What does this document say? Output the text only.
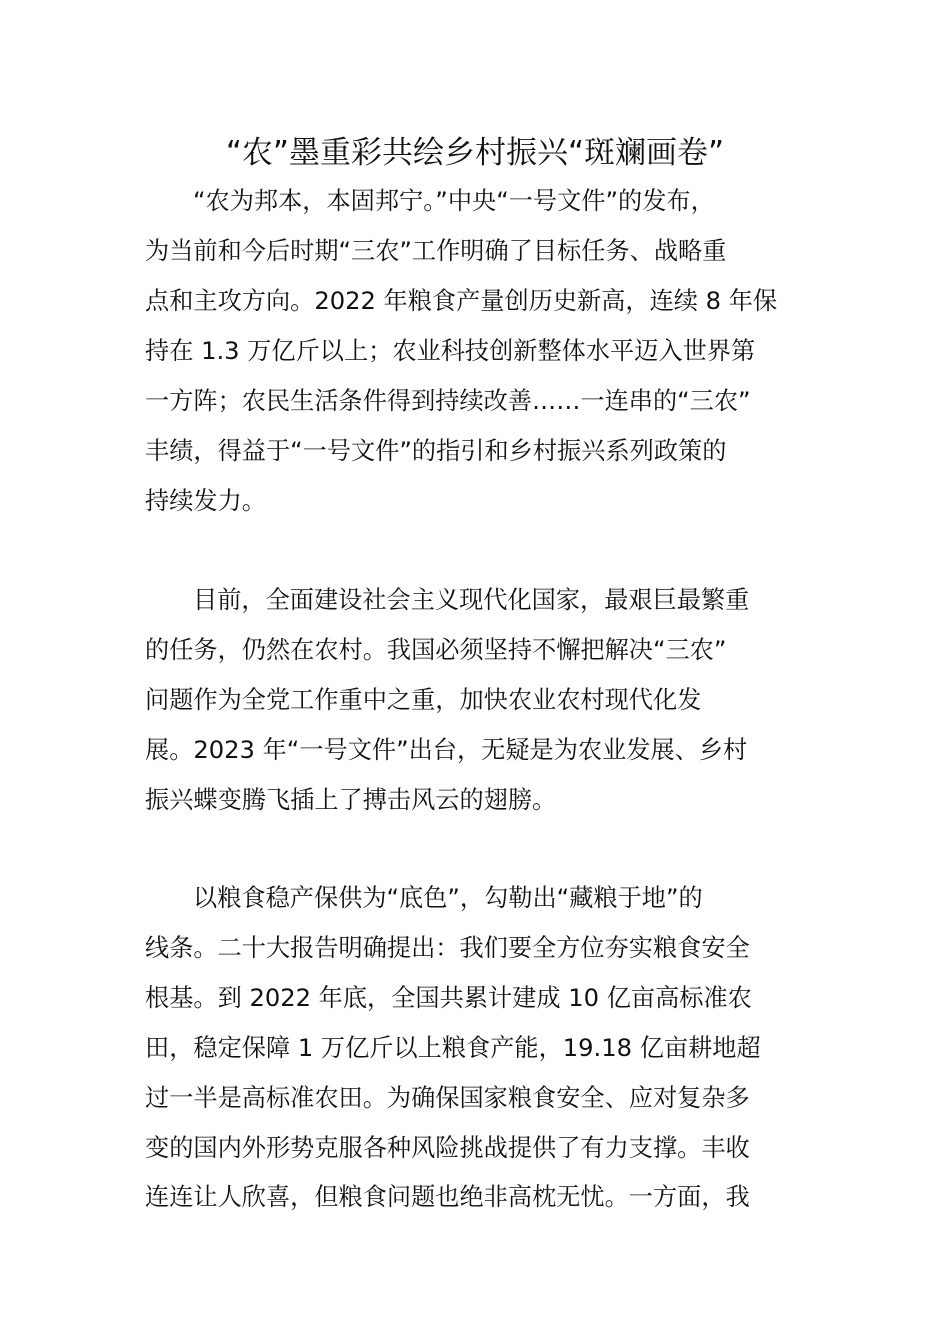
“农”墨重彩共绘乡村振兴“斑斓画卷”
“农为邦本，本固邦宁。”中央“一号文件”的发布，
为当前和今后时期“三农”工作明确了目标任务、战略重
点和主攻方向。2022 年粮食产量创历史新高，连续 8 年保
持在 1.3 万亿斤以上；农业科技创新整体水平迈入世界第
一方阵；农民生活条件得到持续改善……一连串的“三农”
丰绩，得益于“一号文件”的指引和乡村振兴系列政策的
持续发力。
目前，全面建设社会主义现代化国家，最艰巨最繁重
的任务，仍然在农村。我国必须坚持不懈把解决“三农”
问题作为全党工作重中之重，加快农业农村现代化发
展。2023 年“一号文件”出台，无疑是为农业发展、乡村
振兴蝶变腾飞插上了搏击风云的翅膀。
以粮食稳产保供为“底色”，勾勒出“藏粮于地”的
线条。二十大报告明确提出：我们要全方位夯实粮食安全
根基。到 2022 年底，全国共累计建成 10 亿亩高标准农
田，稳定保障 1 万亿斤以上粮食产能，19.18 亿亩耕地超
过一半是高标准农田。为确保国家粮食安全、应对复杂多
变的国内外形势克服各种风险挑战提供了有力支撑。丰收
连连让人欣喜，但粮食问题也绝非高枕无忧。一方面，我
